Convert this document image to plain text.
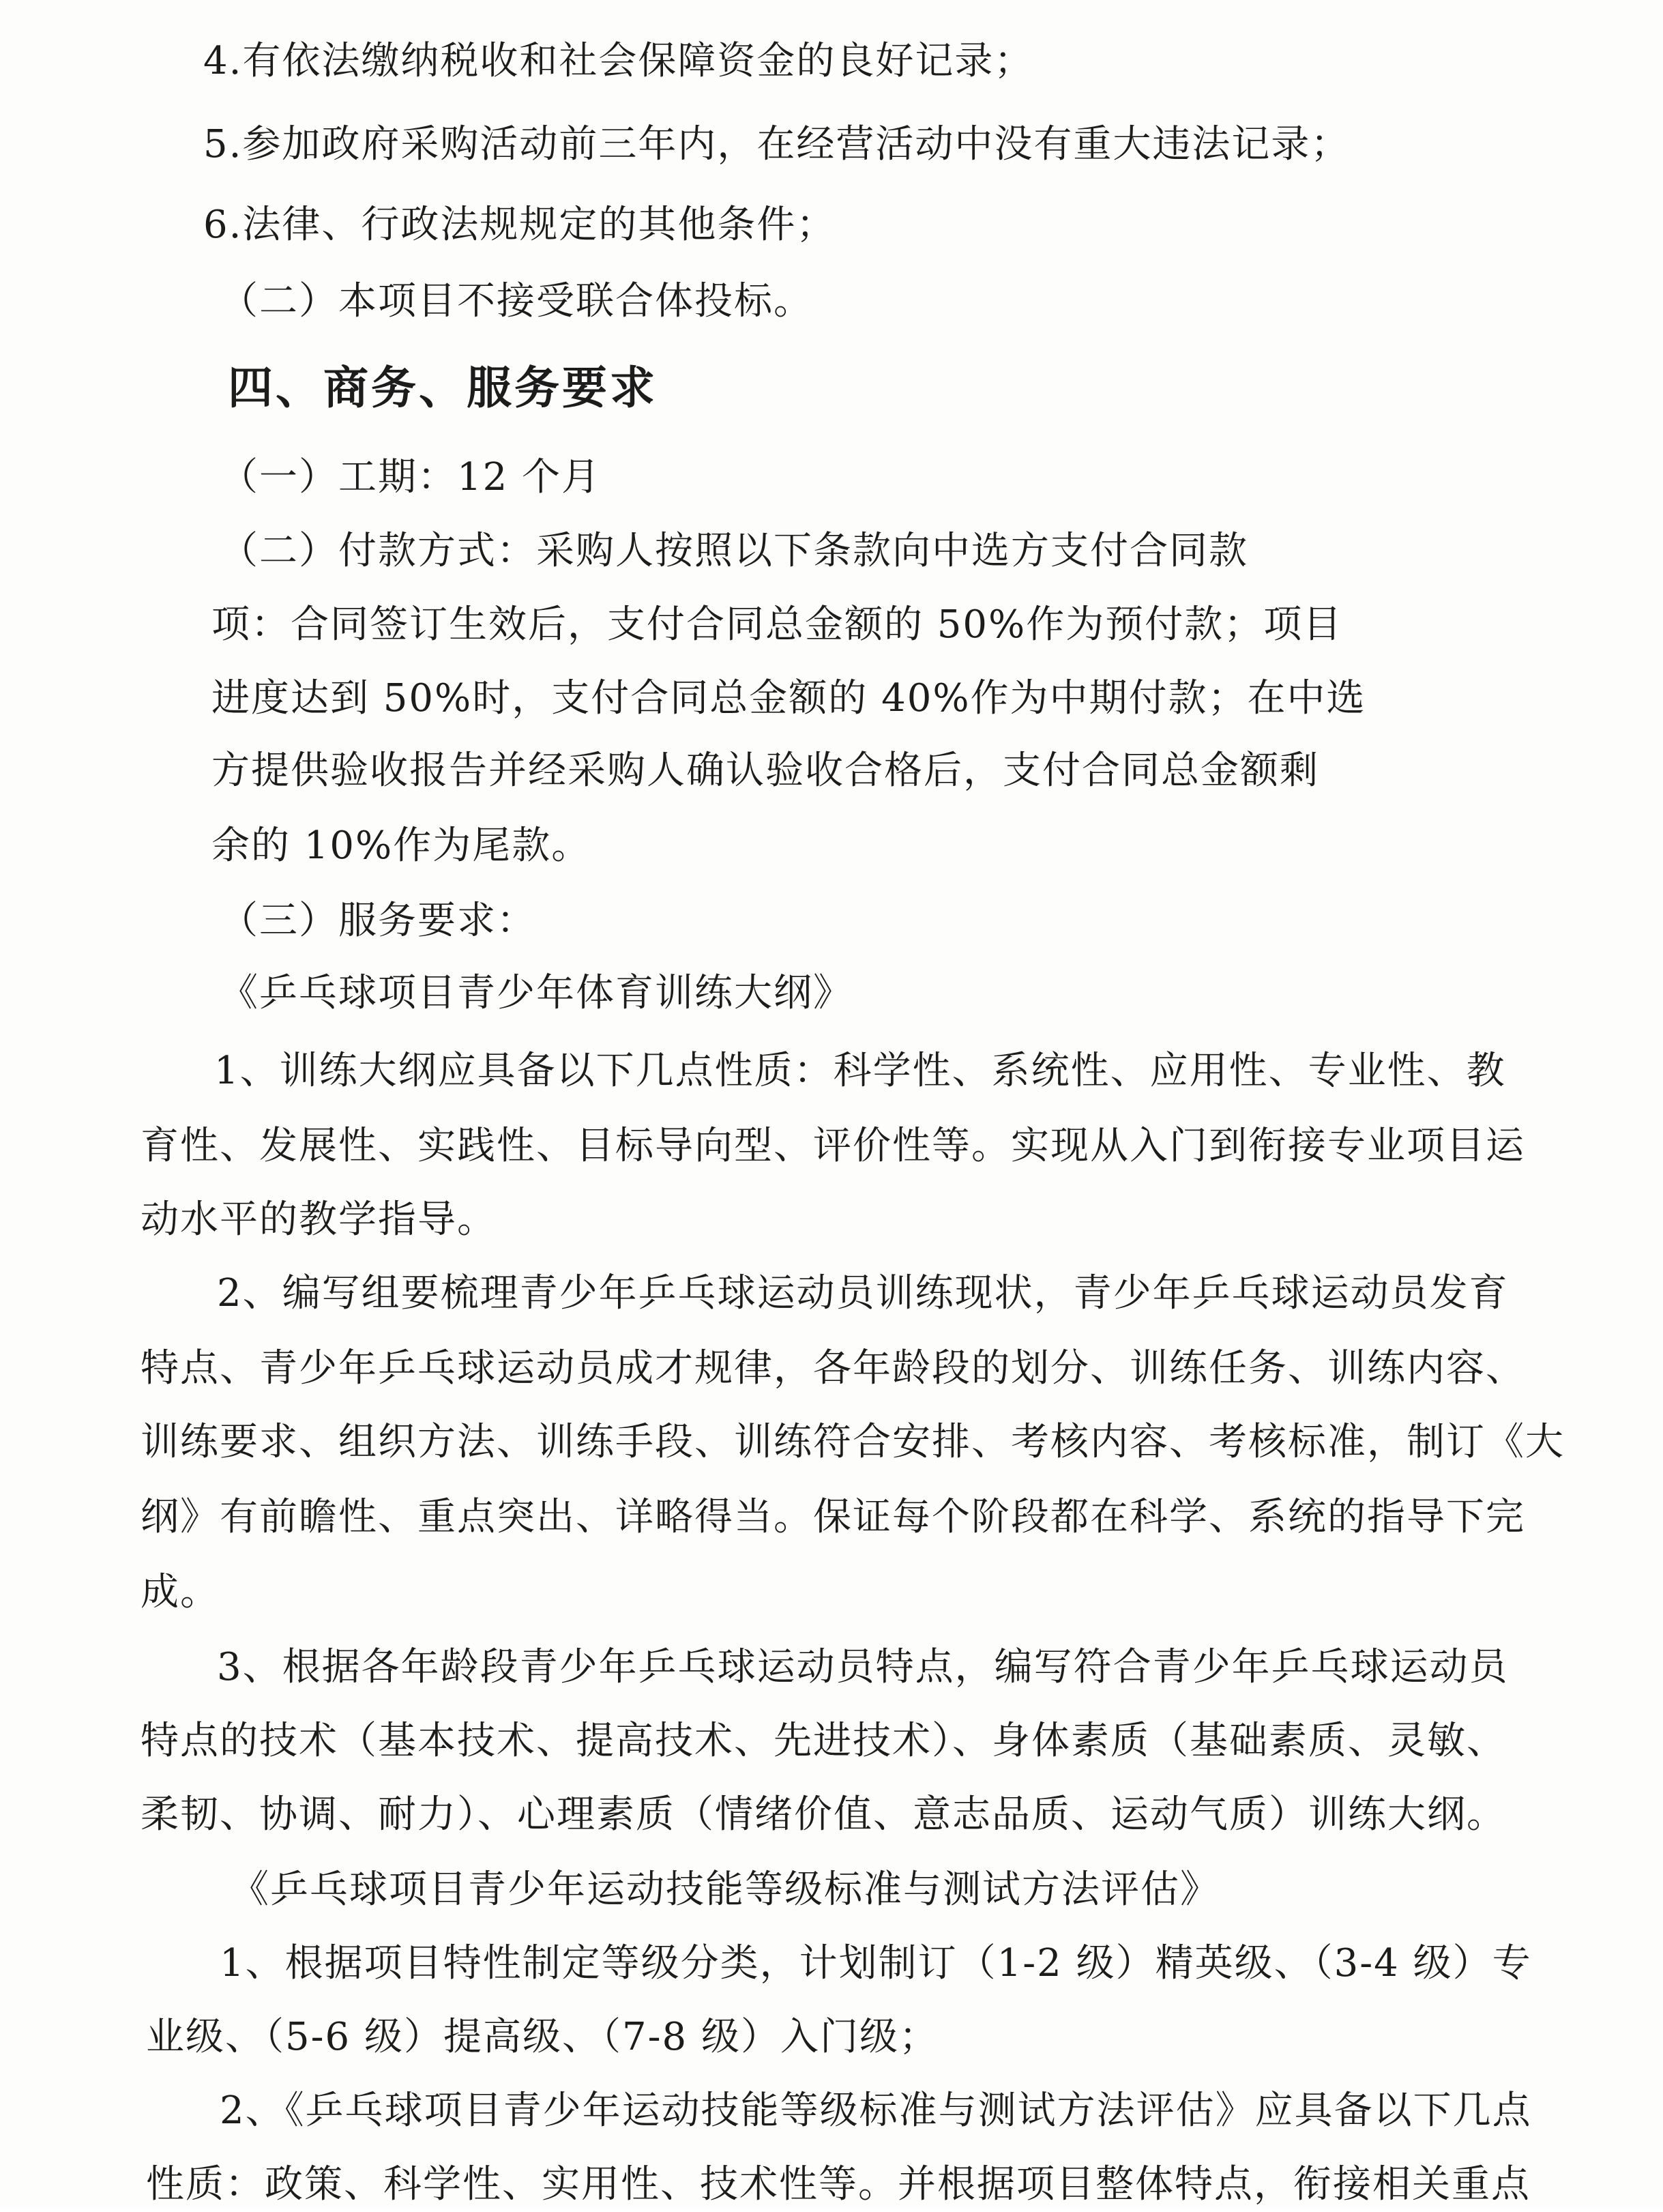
4.有依法缴纳税收和社会保障资金的良好记录；
5.参加政府采购活动前三年内，在经营活动中没有重大违法记录；
6.法律、行政法规规定的其他条件；
（二）本项目不接受联合体投标。
四、商务、服务要求
（一）工期：12 个月
（二）付款方式：采购人按照以下条款向中选方支付合同款
项：合同签订生效后，支付合同总金额的 50%作为预付款；项目
进度达到 50%时，支付合同总金额的 40%作为中期付款；在中选
方提供验收报告并经采购人确认验收合格后，支付合同总金额剩
余的 10%作为尾款。
（三）服务要求：
《乒乓球项目青少年体育训练大纲》
1、训练大纲应具备以下几点性质：科学性、系统性、应用性、专业性、教
育性、发展性、实践性、目标导向型、评价性等。实现从入门到衔接专业项目运
动水平的教学指导。
2、编写组要梳理青少年乒乓球运动员训练现状，青少年乒乓球运动员发育
特点、青少年乒乓球运动员成才规律，各年龄段的划分、训练任务、训练内容、
训练要求、组织方法、训练手段、训练符合安排、考核内容、考核标准，制订《大
纲》有前瞻性、重点突出、详略得当。保证每个阶段都在科学、系统的指导下完
成。
3、根据各年龄段青少年乒乓球运动员特点，编写符合青少年乒乓球运动员
特点的技术（基本技术、提高技术、先进技术）、身体素质（基础素质、灵敏、
柔韧、协调、耐力）、心理素质（情绪价值、意志品质、运动气质）训练大纲。
《乒乓球项目青少年运动技能等级标准与测试方法评估》
1、根据项目特性制定等级分类，计划制订（1-2 级）精英级、（3-4 级）专
业级、（5-6 级）提高级、（7-8 级）入门级；
2、《乒乓球项目青少年运动技能等级标准与测试方法评估》应具备以下几点
性质：政策、科学性、实用性、技术性等。并根据项目整体特点，衔接相关重点
